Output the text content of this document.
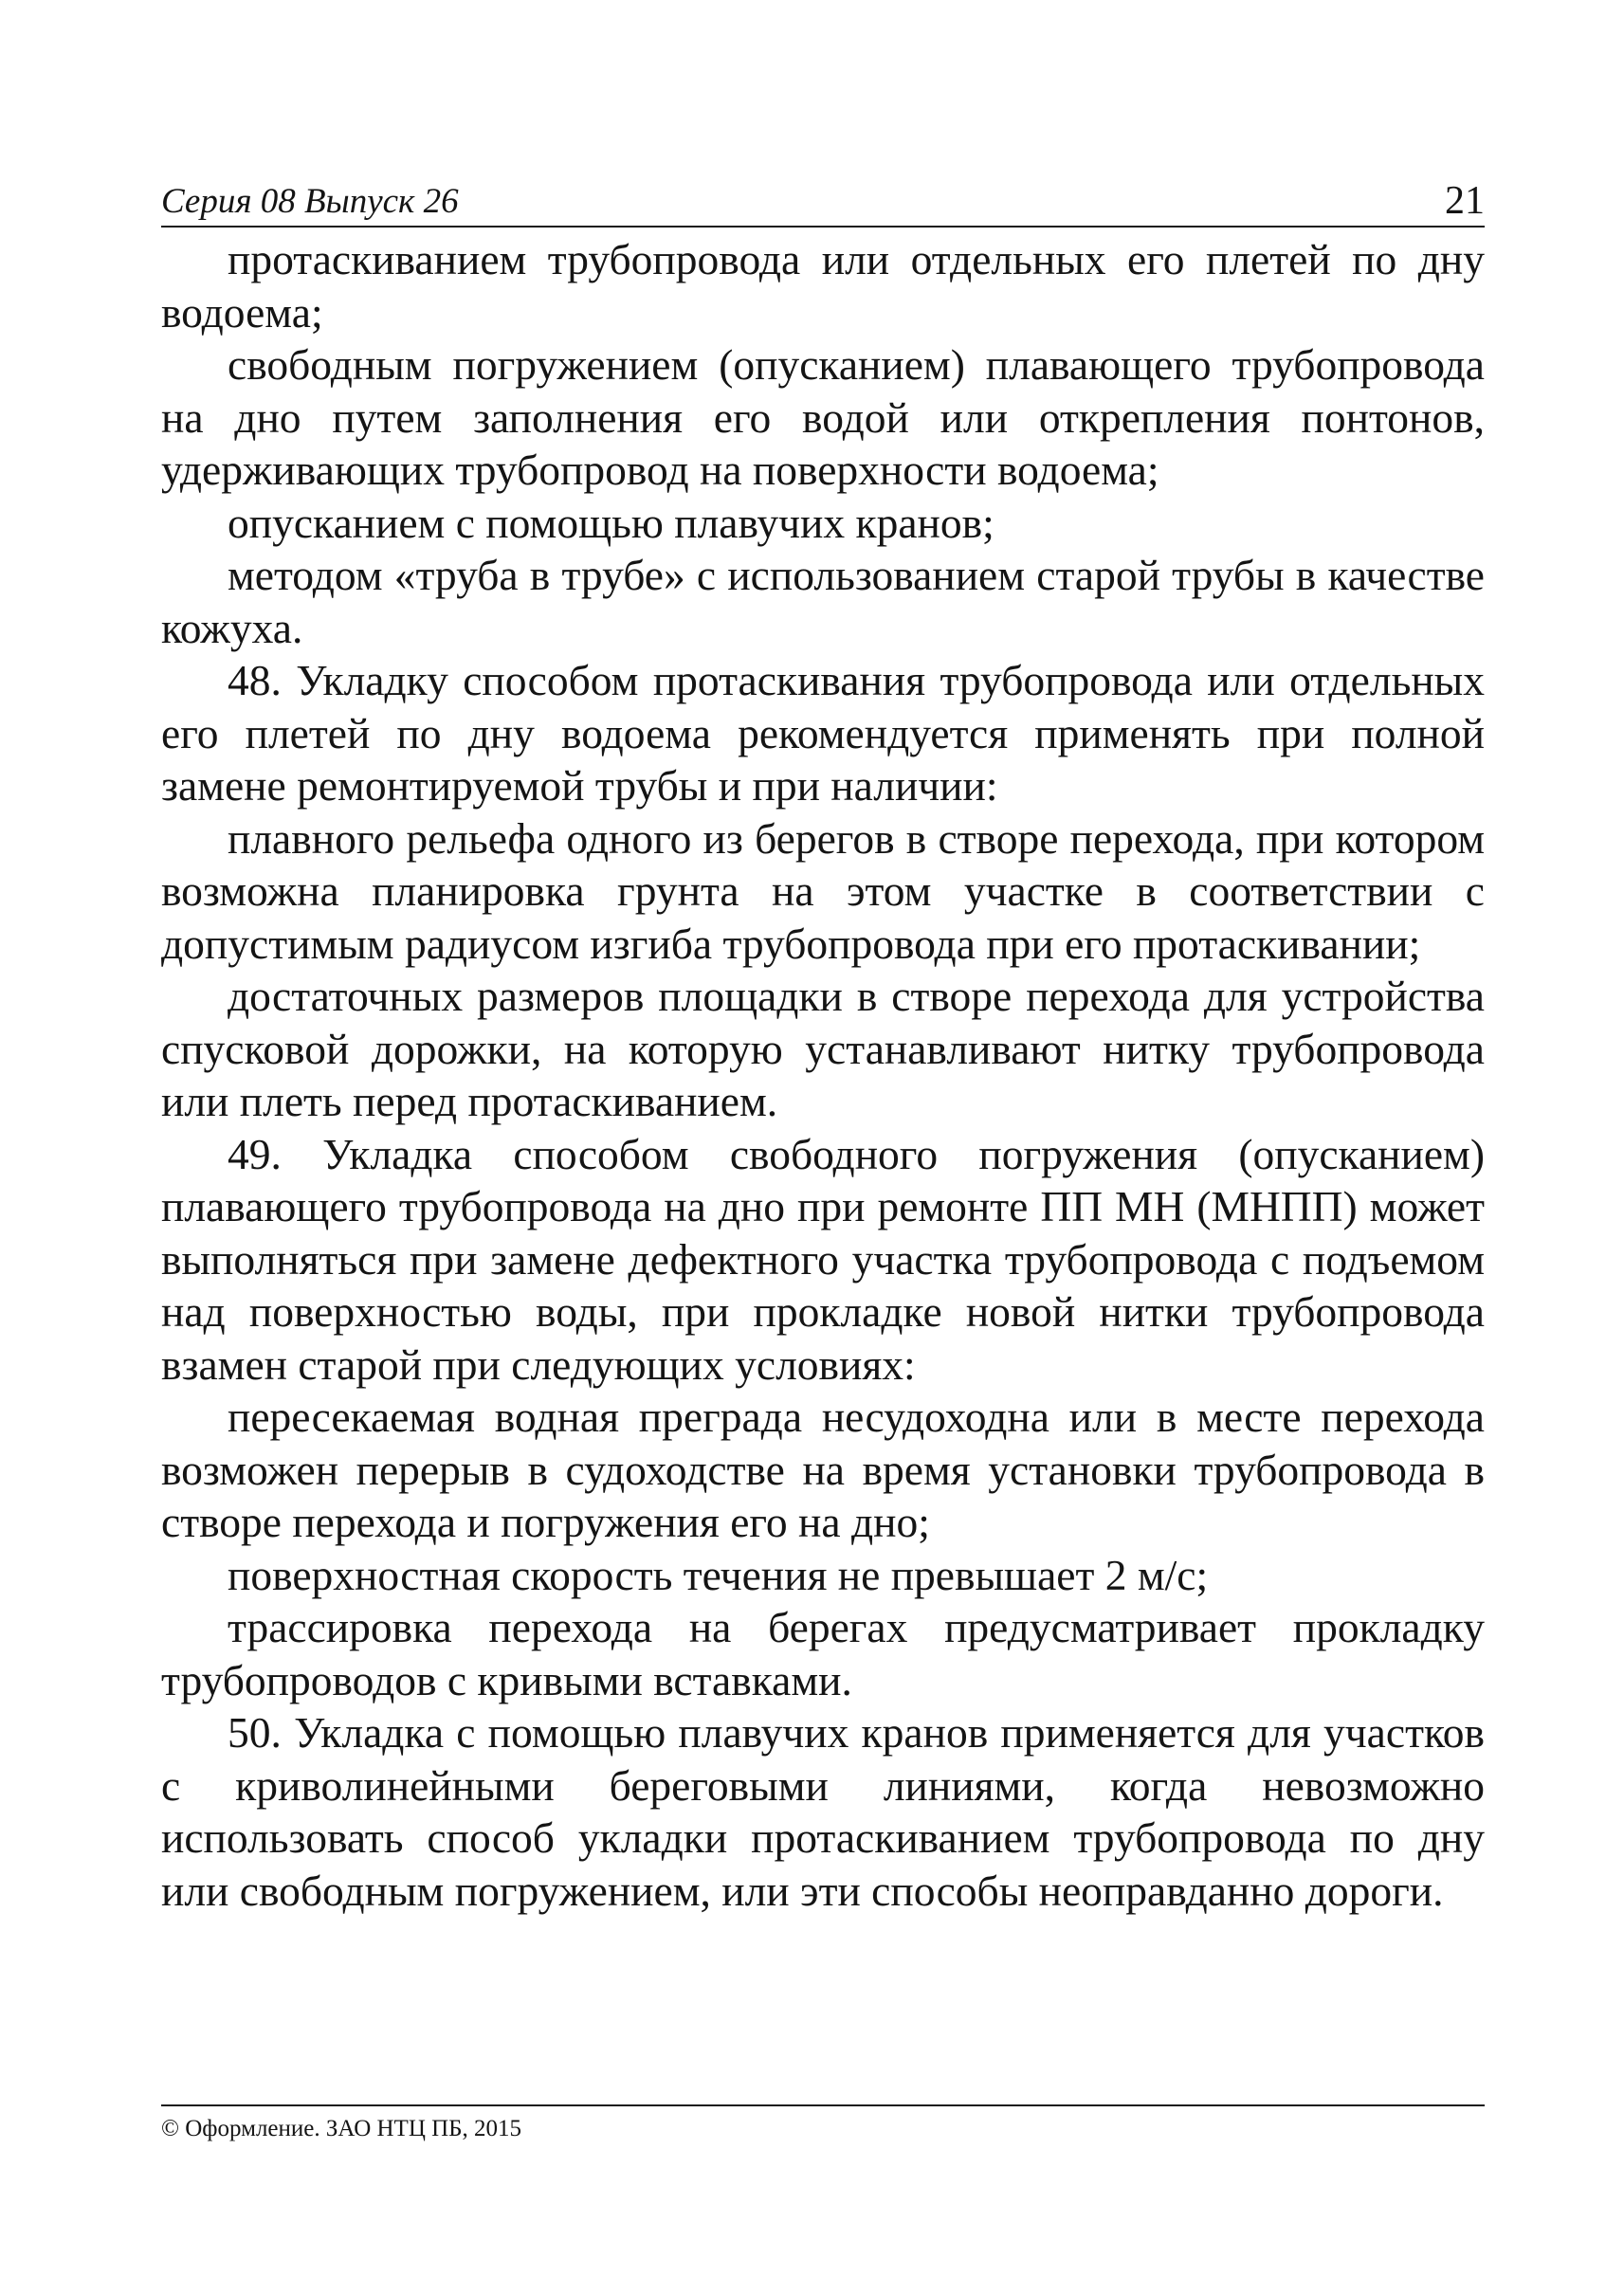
Серия 08 Выпуск 26	21

протаскиванием трубопровода или отдельных его плетей по дну водоема;

свободным погружением (опусканием) плавающего трубопровода на дно путем заполнения его водой или открепления понтонов, удерживающих трубопровод на поверхности водоема;

опусканием с помощью плавучих кранов;

методом «труба в трубе» с использованием старой трубы в качестве кожуха.

48. Укладку способом протаскивания трубопровода или отдельных его плетей по дну водоема рекомендуется применять при полной замене ремонтируемой трубы и при наличии:

плавного рельефа одного из берегов в створе перехода, при котором возможна планировка грунта на этом участке в соответствии с допустимым радиусом изгиба трубопровода при его протаскивании;

достаточных размеров площадки в створе перехода для устройства спусковой дорожки, на которую устанавливают нитку трубопровода или плеть перед протаскиванием.

49. Укладка способом свободного погружения (опусканием) плавающего трубопровода на дно при ремонте ПП МН (МНПП) может выполняться при замене дефектного участка трубопровода с подъемом над поверхностью воды, при прокладке новой нитки трубопровода взамен старой при следующих условиях:

пересекаемая водная преграда несудоходна или в месте перехода возможен перерыв в судоходстве на время установки трубопровода в створе перехода и погружения его на дно;

поверхностная скорость течения не превышает 2 м/с;

трассировка перехода на берегах предусматривает прокладку трубопроводов с кривыми вставками.

50. Укладка с помощью плавучих кранов применяется для участков с криволинейными береговыми линиями, когда невозможно использовать способ укладки протаскиванием трубопровода по дну или свободным погружением, или эти способы неоправданно дороги.

© Оформление. ЗАО НТЦ ПБ, 2015
